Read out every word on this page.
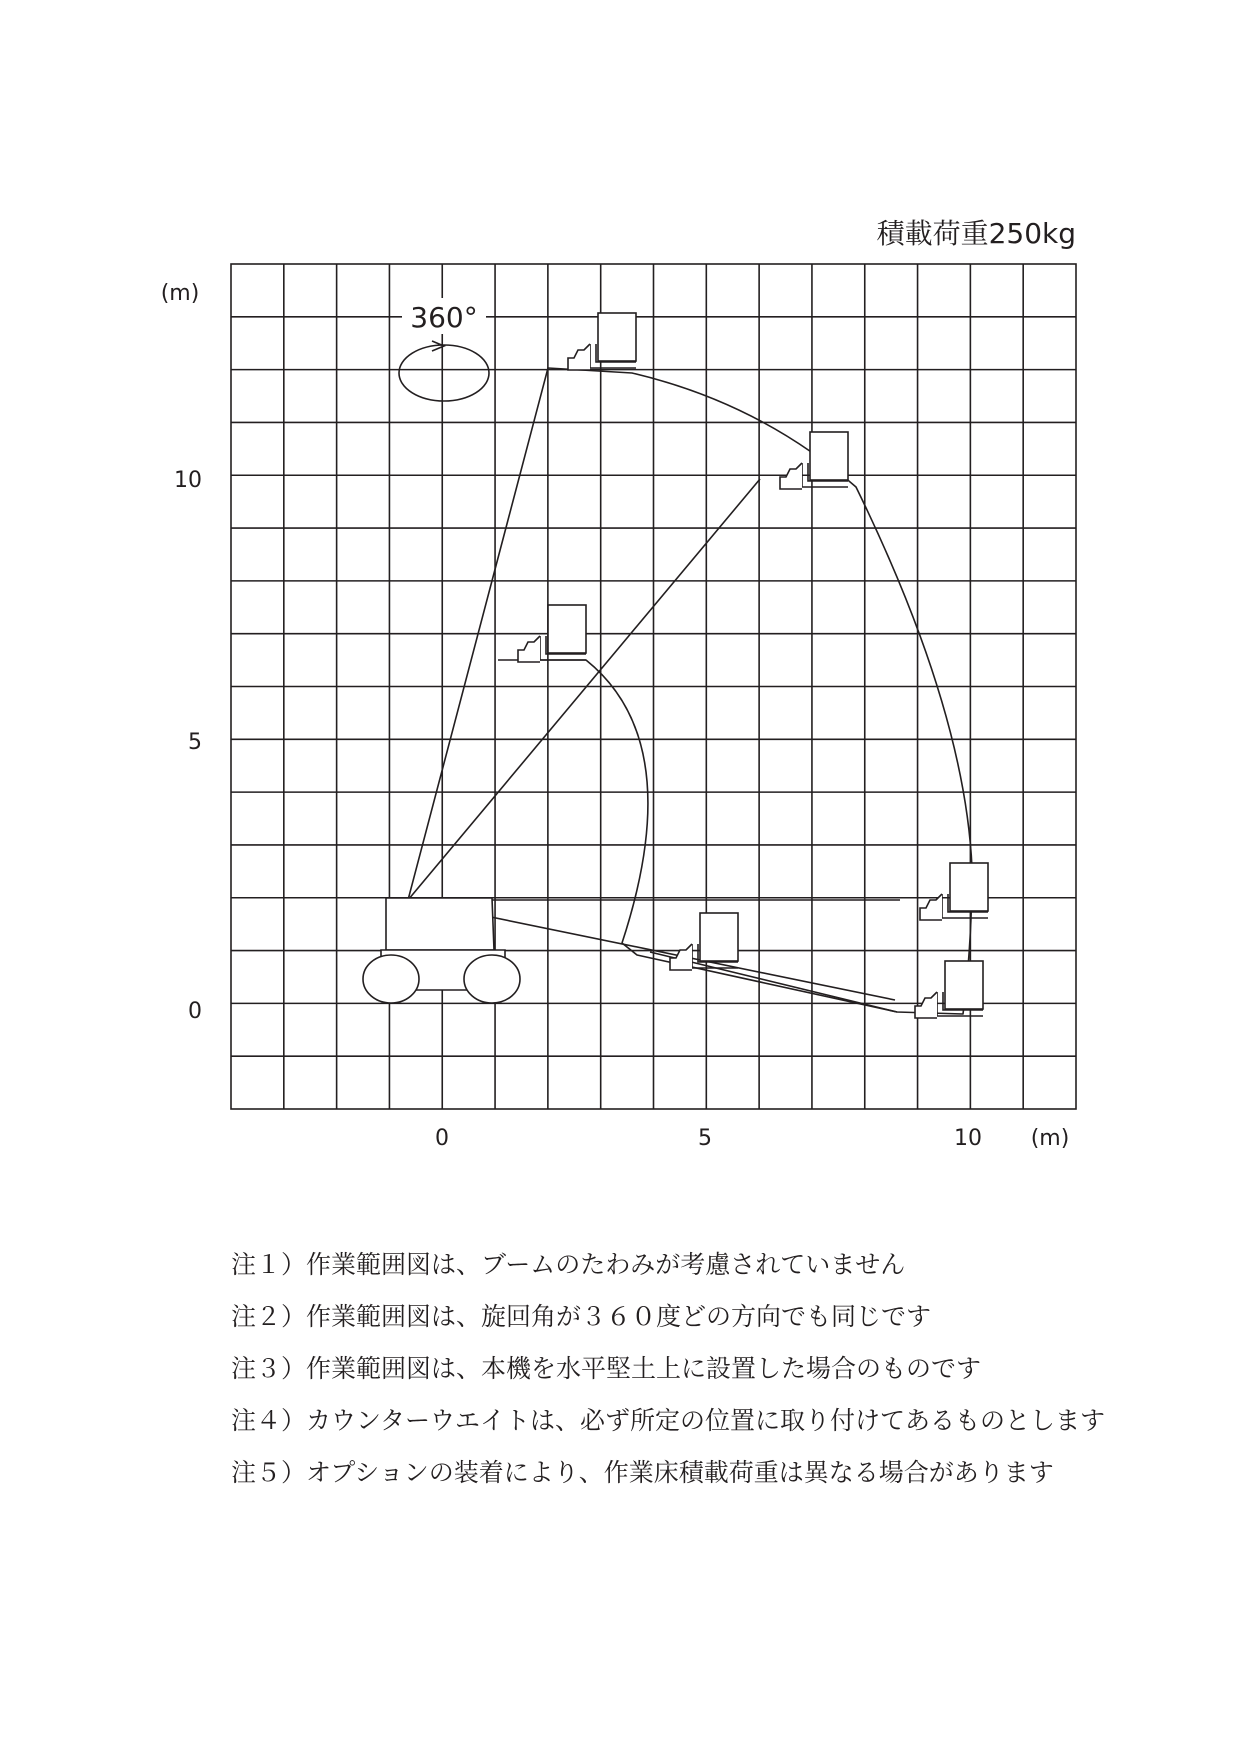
積載荷重250kg
(m)
(m)
10
5
0
0	5	10
360°
注１）作業範囲図は、ブームのたわみが考慮されていません
注２）作業範囲図は、旋回角が３６０度どの方向でも同じです
注３）作業範囲図は、本機を水平堅土上に設置した場合のものです
注４）カウンターウエイトは、必ず所定の位置に取り付けてあるものとします
注５）オプションの装着により、作業床積載荷重は異なる場合があります
